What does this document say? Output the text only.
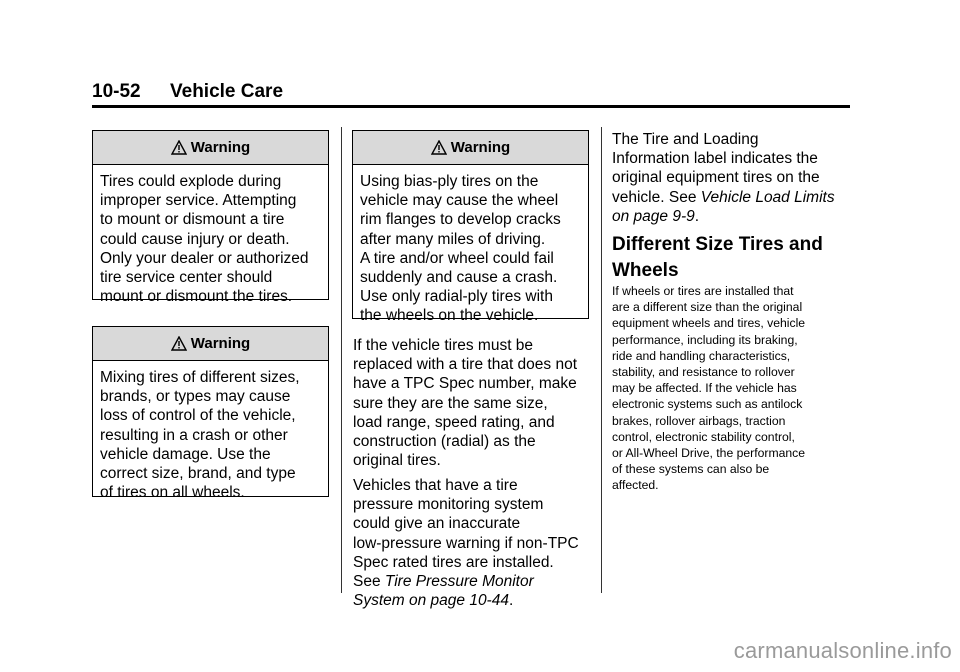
10-52 Vehicle Care
Warning
Tires could explode during
improper service. Attempting
to mount or dismount a tire
could cause injury or death.
Only your dealer or authorized
tire service center should
mount or dismount the tires.
Warning
Mixing tires of different sizes,
brands, or types may cause
loss of control of the vehicle,
resulting in a crash or other
vehicle damage. Use the
correct size, brand, and type
of tires on all wheels.
Warning
Using bias-ply tires on the
vehicle may cause the wheel
rim flanges to develop cracks
after many miles of driving.
A tire and/or wheel could fail
suddenly and cause a crash.
Use only radial-ply tires with
the wheels on the vehicle.
If the vehicle tires must be
replaced with a tire that does not
have a TPC Spec number, make
sure they are the same size,
load range, speed rating, and
construction (radial) as the
original tires.
Vehicles that have a tire
pressure monitoring system
could give an inaccurate
low-pressure warning if non-TPC
Spec rated tires are installed.
See Tire Pressure Monitor
System on page 10-44.
The Tire and Loading
Information label indicates the
original equipment tires on the
vehicle. See Vehicle Load Limits
on page 9-9.
Different Size Tires and
Wheels
If wheels or tires are installed that
are a different size than the original
equipment wheels and tires, vehicle
performance, including its braking,
ride and handling characteristics,
stability, and resistance to rollover
may be affected. If the vehicle has
electronic systems such as antilock
brakes, rollover airbags, traction
control, electronic stability control,
or All-Wheel Drive, the performance
of these systems can also be
affected.
carmanualsonline.info
